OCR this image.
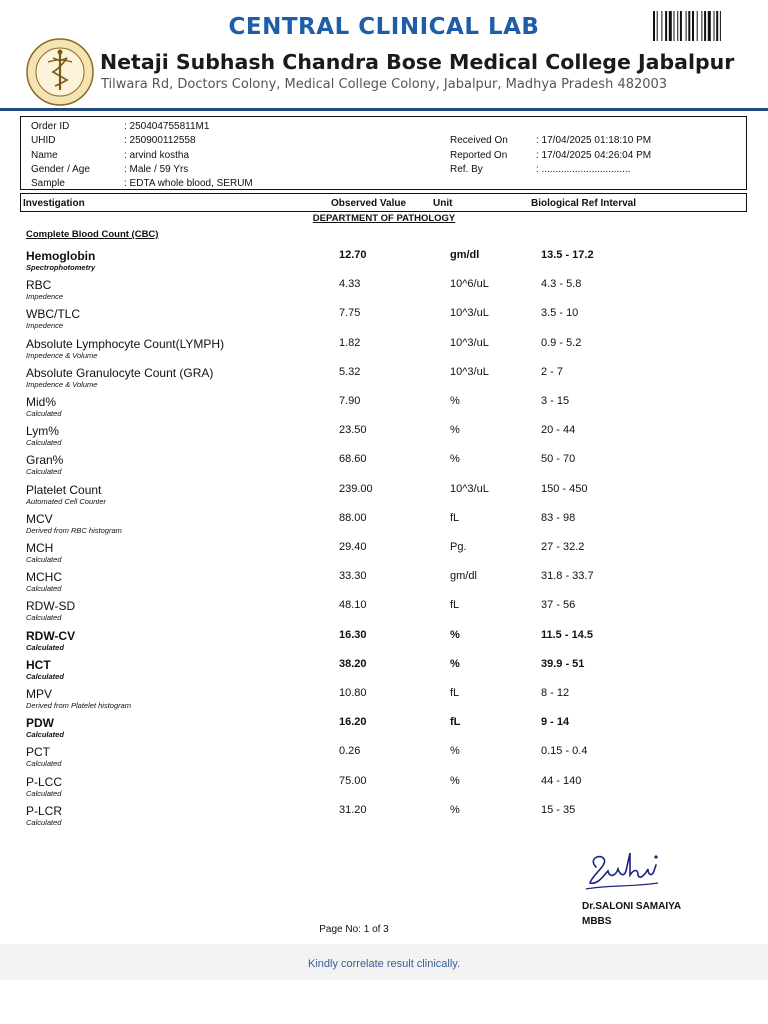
CENTRAL CLINICAL LAB
Netaji Subhash Chandra Bose Medical College Jabalpur
Tilwara Rd, Doctors Colony, Medical College Colony, Jabalpur, Madhya Pradesh 482003
Order ID	: 250404755811M1
UHID	: 250900112558
Name	: arvind kostha
Gender / Age	: Male / 59 Yrs
Sample	: EDTA whole blood, SERUM
Received On	: 17/04/2025 01:18:10 PM
Reported On	: 17/04/2025 04:26:04 PM
Ref. By	: ................................
Investigation	Observed Value	Unit	Biological Ref Interval
DEPARTMENT OF PATHOLOGY
Complete Blood Count (CBC)
Hemoglobin
Spectrophotometry
12.70	gm/dl	13.5 - 17.2
RBC
Impedence
4.33	10^6/uL	4.3 - 5.8
WBC/TLC
Impedence
7.75	10^3/uL	3.5 - 10
Absolute Lymphocyte Count(LYMPH)
Impedence & Volume
1.82	10^3/uL	0.9 - 5.2
Absolute Granulocyte Count (GRA)
Impedence & Volume
5.32	10^3/uL	2 - 7
Mid%
Calculated
7.90	%	3 - 15
Lym%
Calculated
23.50	%	20 - 44
Gran%
Calculated
68.60	%	50 - 70
Platelet Count
Automated Cell Counter
239.00	10^3/uL	150 - 450
MCV
Derived from RBC histogram
88.00	fL	83 - 98
MCH
Calculated
29.40	Pg.	27 - 32.2
MCHC
Calculated
33.30	gm/dl	31.8 - 33.7
RDW-SD
Calculated
48.10	fL	37 - 56
RDW-CV
Calculated
16.30	%	11.5 - 14.5
HCT
Calculated
38.20	%	39.9 - 51
MPV
Derived from Platelet histogram
10.80	fL	8 - 12
PDW
Calculated
16.20	fL	9 - 14
PCT
Calculated
0.26	%	0.15 - 0.4
P-LCC
Calculated
75.00	%	44 - 140
P-LCR
Calculated
31.20	%	15 - 35
Dr.SALONI SAMAIYA
MBBS
Page No: 1 of 3
Kindly correlate result clinically.
